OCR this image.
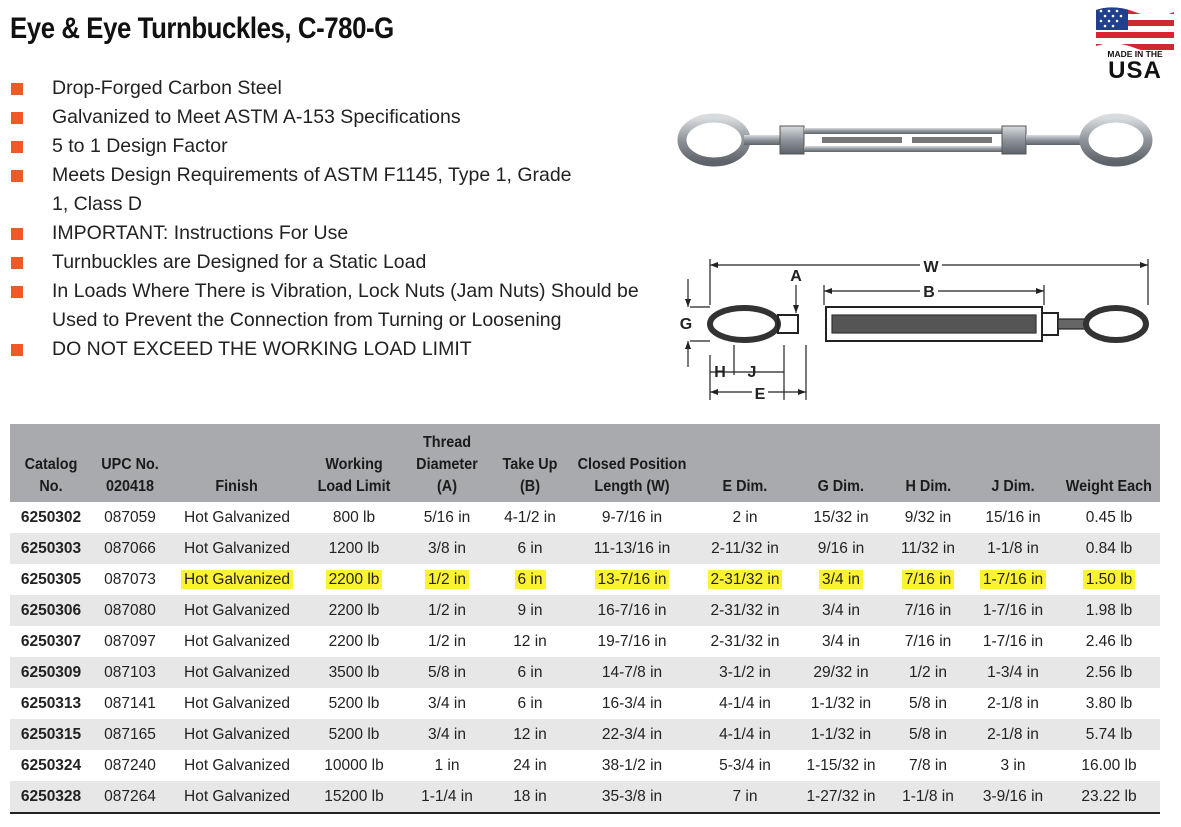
Eye & Eye Turnbuckles, C-780-G
MADE IN THE
USA
Drop-Forged Carbon Steel
Galvanized to Meet ASTM A-153 Specifications
5 to 1 Design Factor
Meets Design Requirements of ASTM F1145, Type 1, Grade 1, Class D
IMPORTANT: Instructions For Use
Turnbuckles are Designed for a Static Load
In Loads Where There is Vibration, Lock Nuts (Jam Nuts) Should be Used to Prevent the Connection from Turning or Loosening
DO NOT EXCEED THE WORKING LOAD LIMIT
W
B
A
G
H J
E
Catalog No.	UPC No. 020418	Finish	Working Load Limit	Thread Diameter (A)	Take Up (B)	Closed Position Length (W)	E Dim.	G Dim.	H Dim.	J Dim.	Weight Each
6250302	087059	Hot Galvanized	800 lb	5/16 in	4-1/2 in	9-7/16 in	2 in	15/32 in	9/32 in	15/16 in	0.45 lb
6250303	087066	Hot Galvanized	1200 lb	3/8 in	6 in	11-13/16 in	2-11/32 in	9/16 in	11/32 in	1-1/8 in	0.84 lb
6250305	087073	Hot Galvanized	2200 lb	1/2 in	6 in	13-7/16 in	2-31/32 in	3/4 in	7/16 in	1-7/16 in	1.50 lb
6250306	087080	Hot Galvanized	2200 lb	1/2 in	9 in	16-7/16 in	2-31/32 in	3/4 in	7/16 in	1-7/16 in	1.98 lb
6250307	087097	Hot Galvanized	2200 lb	1/2 in	12 in	19-7/16 in	2-31/32 in	3/4 in	7/16 in	1-7/16 in	2.46 lb
6250309	087103	Hot Galvanized	3500 lb	5/8 in	6 in	14-7/8 in	3-1/2 in	29/32 in	1/2 in	1-3/4 in	2.56 lb
6250313	087141	Hot Galvanized	5200 lb	3/4 in	6 in	16-3/4 in	4-1/4 in	1-1/32 in	5/8 in	2-1/8 in	3.80 lb
6250315	087165	Hot Galvanized	5200 lb	3/4 in	12 in	22-3/4 in	4-1/4 in	1-1/32 in	5/8 in	2-1/8 in	5.74 lb
6250324	087240	Hot Galvanized	10000 lb	1 in	24 in	38-1/2 in	5-3/4 in	1-15/32 in	7/8 in	3 in	16.00 lb
6250328	087264	Hot Galvanized	15200 lb	1-1/4 in	18 in	35-3/8 in	7 in	1-27/32 in	1-1/8 in	3-9/16 in	23.22 lb
